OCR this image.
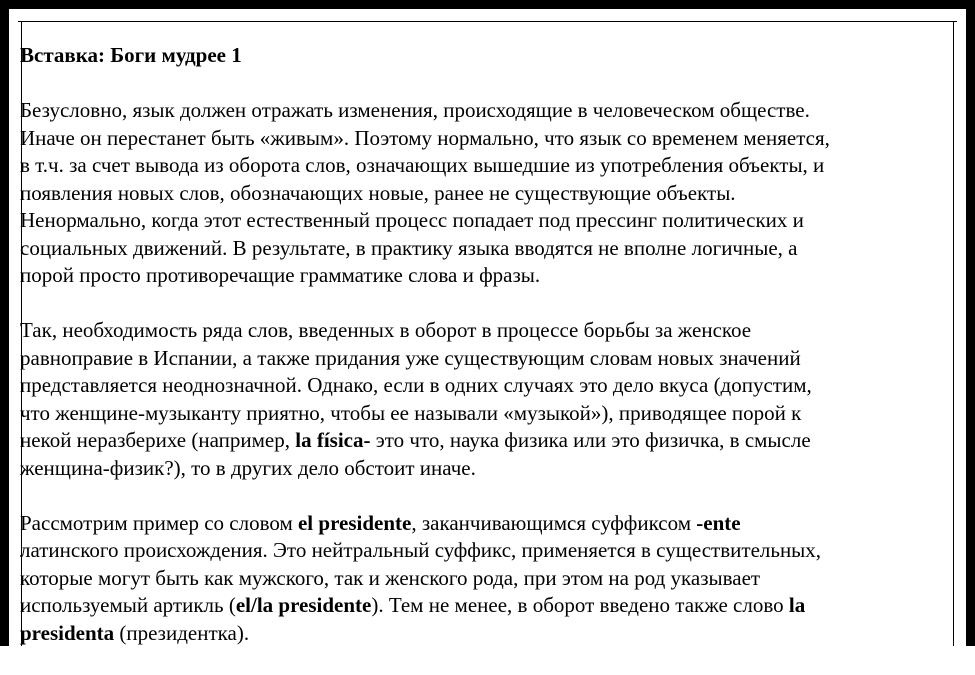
Вставка: Боги мудрее 1
Безусловно, язык должен отражать изменения, происходящие в человеческом обществе.
Иначе он перестанет быть «живым». Поэтому нормально, что язык со временем меняется,
в т.ч. за счет вывода из оборота слов, означающих вышедшие из употребления объекты, и
появления новых слов, обозначающих новые, ранее не существующие объекты.
Ненормально, когда этот естественный процесс попадает под прессинг политических и
социальных движений. В результате, в практику языка вводятся не вполне логичные, а
порой просто противоречащие грамматике слова и фразы.
Так, необходимость ряда слов, введенных в оборот в процессе борьбы за женское
равноправие в Испании, а также придания уже существующим словам новых значений
представляется неоднозначной. Однако, если в одних случаях это дело вкуса (допустим,
что женщине-музыканту приятно, чтобы ее называли «музыкой»), приводящее порой к
некой неразберихе (например, la física- это что, наука физика или это физичка, в смысле
женщина-физик?), то в других дело обстоит иначе.
Рассмотрим пример со словом el presidente, заканчивающимся суффиксом -ente
латинского происхождения. Это нейтральный суффикс, применяется в существительных,
которые могут быть как мужского, так и женского рода, при этом на род указывает
используемый артикль (el/la presidente). Тем не менее, в оборот введено также слово la
presidenta (президентка).
